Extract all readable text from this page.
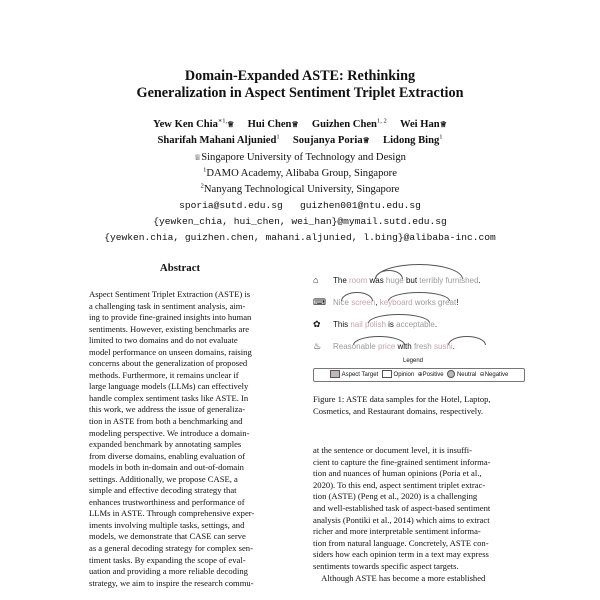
Domain-Expanded ASTE: Rethinking
Generalization in Aspect Sentiment Triplet Extraction
Yew Ken Chia$^{∗1,}$♕ Hui Chen♕ Guizhen Chen$^{1, 2}$ Wei Han♕
Sharifah Mahani Aljunied$^1$ Soujanya Poria♕ Lidong Bing$^1$
♕Singapore University of Technology and Design
$^1$DAMO Academy, Alibaba Group, Singapore
$^2$Nanyang Technological University, Singapore
sporia@sutd.edu.sg   guizhen001@ntu.edu.sg
{yewken_chia, hui_chen, wei_han}@mymail.sutd.edu.sg
{yewken.chia, guizhen.chen, mahani.aljunied, l.bing}@alibaba-inc.com
Abstract
Aspect Sentiment Triplet Extraction (ASTE) is
a challenging task in sentiment analysis, aim-
ing to provide fine-grained insights into human
sentiments. However, existing benchmarks are
limited to two domains and do not evaluate
model performance on unseen domains, raising
concerns about the generalization of proposed
methods. Furthermore, it remains unclear if
large language models (LLMs) can effectively
handle complex sentiment tasks like ASTE. In
this work, we address the issue of generaliza-
tion in ASTE from both a benchmarking and
modeling perspective. We introduce a domain-
expanded benchmark by annotating samples
from diverse domains, enabling evaluation of
models in both in-domain and out-of-domain
settings. Additionally, we propose CASE, a
simple and effective decoding strategy that
enhances trustworthiness and performance of
LLMs in ASTE. Through comprehensive exper-
iments involving multiple tasks, settings, and
models, we demonstrate that CASE can serve
as a general decoding strategy for complex sen-
timent tasks. By expanding the scope of eval-
uation and providing a more reliable decoding
strategy, we aim to inspire the research commu-
⌂ The room was huge but terribly furnished.
⌨ Nice screen, keyboard works great!
✿ This nail polish is acceptable.
♨ Reasonable price with fresh sushi.
Legend
Aspect Target	Opinion ⊕Positive Neutral ⊖Negative
Figure 1: ASTE data samples for the Hotel, Laptop,
Cosmetics, and Restaurant domains, respectively.
at the sentence or document level, it is insuffi-
cient to capture the fine-grained sentiment informa-
tion and nuances of human opinions (Poria et al.,
2020). To this end, aspect sentiment triplet extrac-
tion (ASTE) (Peng et al., 2020) is a challenging
and well-established task of aspect-based sentiment
analysis (Pontiki et al., 2014) which aims to extract
richer and more interpretable sentiment informa-
tion from natural language. Concretely, ASTE con-
siders how each opinion term in a text may express
sentiments towards specific aspect targets.
Although ASTE has become a more established
